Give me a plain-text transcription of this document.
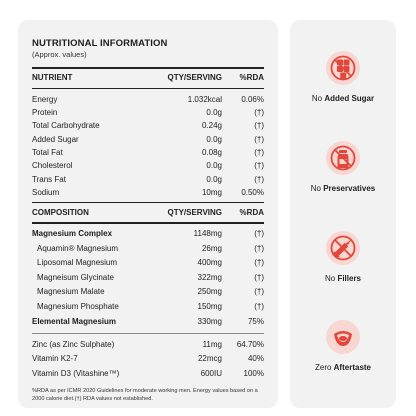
NUTRITIONAL INFORMATION
(Approx. values)
NUTRIENT	QTY/SERVING	%RDA
Energy	1.032kcal	0.06%
Protein	0.0g	(†)
Total Carbohydrate	0.24g	(†)
Added Sugar	0.0g	(†)
Total Fat	0.08g	(†)
Cholesterol	0.0g	(†)
Trans Fat	0.0g	(†)
Sodium	10mg	0.50%
COMPOSITION	QTY/SERVING	%RDA
Magnesium Complex	1148mg	(†)
Aquamin® Magnesium	26mg	(†)
Liposomal Magnesium	400mg	(†)
Magneisum Glycinate	322mg	(†)
Magnesium Malate	250mg	(†)
Magnesium Phosphate	150mg	(†)
Elemental Magnesium	330mg	75%
Zinc (as Zinc Sulphate)	11mg	64.70%
Vitamin K2-7	22mcg	40%
Vitamin D3 (Vitashine™)	600IU	100%
%RDA as per ICMR 2020 Guidelines for moderate working men. Energy values based on a 2000 calorie diet.(†) RDA values not established.
No Added Sugar
No Preservatives
No Fillers
Zero Aftertaste
